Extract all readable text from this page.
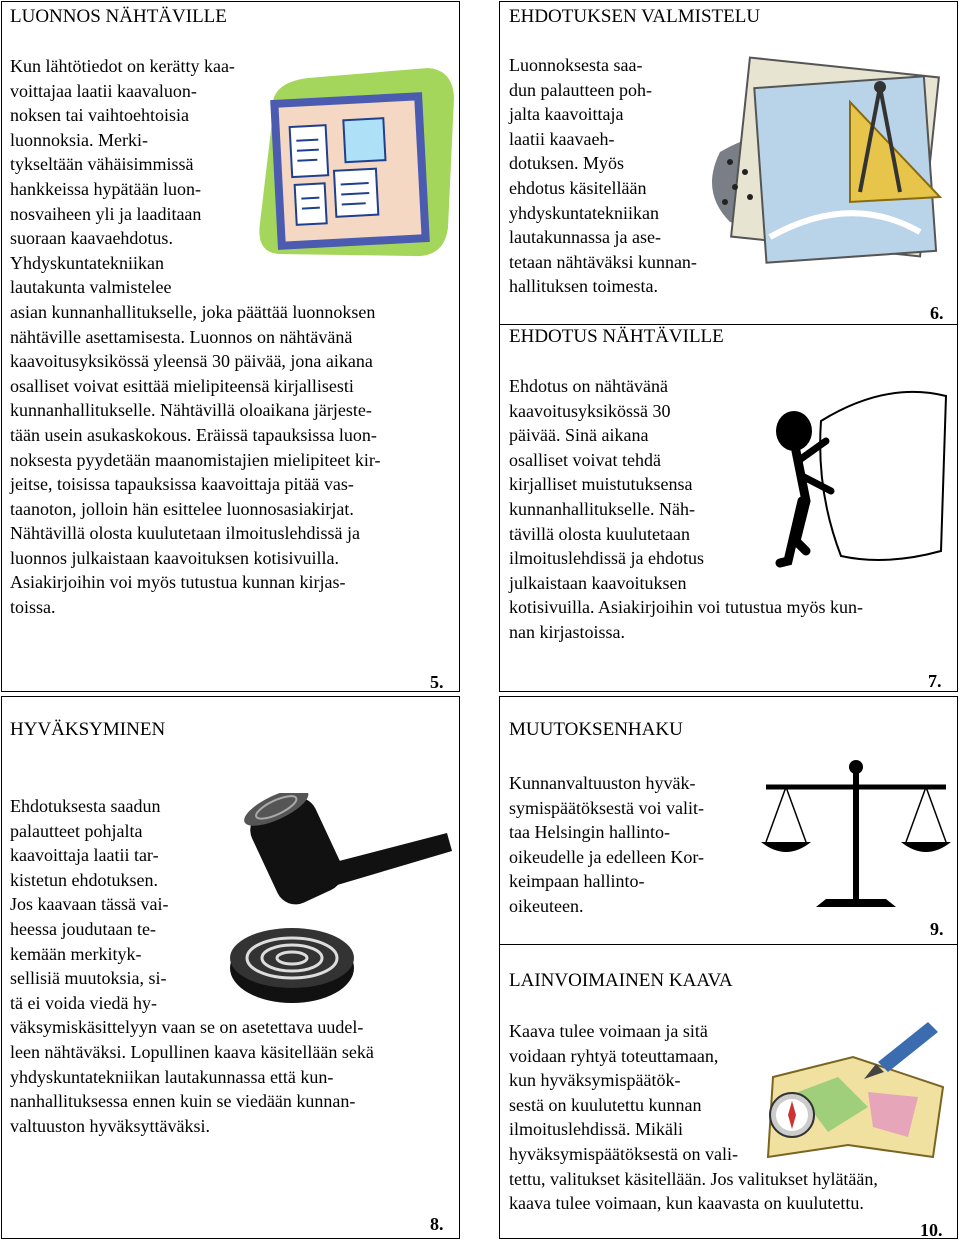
LUONNOS NÄHTÄVILLE
Kun lähtötiedot on kerätty kaa-
voittajaa laatii kaavaluon-
noksen tai vaihtoehtoisia
luonnoksia. Merki-
tykseltään vähäisimmissä
hankkeissa hypätään luon-
nosvaiheen yli ja laaditaan
suoraan kaavaehdotus.
Yhdyskuntatekniikan
lautakunta valmistelee
asian kunnanhallitukselle, joka päättää luonnoksen
nähtäville asettamisesta. Luonnos on nähtävänä
kaavoitusyksikössä yleensä 30 päivää, jona aikana
osalliset voivat esittää mielipiteensä kirjallisesti
kunnanhallitukselle. Nähtävillä oloaikana järjeste-
tään usein asukaskokous. Eräissä tapauksissa luon-
noksesta pyydetään maanomistajien mielipiteet kir-
jeitse, toisissa tapauksissa kaavoittaja pitää vas-
taanoton, jolloin hän esittelee luonnosasiakirjat.
Nähtävillä olosta kuulutetaan ilmoituslehdissä ja
luonnos julkaistaan kaavoituksen kotisivuilla.
Asiakirjoihin voi myös tutustua kunnan kirjas-
toissa.
5.
EHDOTUKSEN VALMISTELU
Luonnoksesta saa-
dun palautteen poh-
jalta kaavoittaja
laatii kaavaeh-
dotuksen. Myös
ehdotus käsitellään
yhdyskuntatekniikan
lautakunnassa ja ase-
tetaan nähtäväksi kunnan-
hallituksen toimesta.
6.
EHDOTUS NÄHTÄVILLE
Ehdotus on nähtävänä
kaavoitusyksikössä 30
päivää. Sinä aikana
osalliset voivat tehdä
kirjalliset muistutuksensa
kunnanhallitukselle. Näh-
tävillä olosta kuulutetaan
ilmoituslehdissä ja ehdotus
julkaistaan kaavoituksen
kotisivuilla. Asiakirjoihin voi tutustua myös kun-
nan kirjastoissa.
7.
HYVÄKSYMINEN
Ehdotuksesta saadun
palautteet pohjalta
kaavoittaja laatii tar-
kistetun ehdotuksen.
Jos kaavaan tässä vai-
heessa joudutaan te-
kemään merkityk-
sellisiä muutoksia, si-
tä ei voida viedä hy-
väksymiskäsittelyyn vaan se on asetettava uudel-
leen nähtäväksi. Lopullinen kaava käsitellään sekä
yhdyskuntatekniikan lautakunnassa että kun-
nanhallituksessa ennen kuin se viedään kunnan-
valtuuston hyväksyttäväksi.
8.
MUUTOKSENHAKU
Kunnanvaltuuston hyväk-
symispäätöksestä voi valit-
taa Helsingin hallinto-
oikeudelle ja edelleen Kor-
keimpaan hallinto-
oikeuteen.
9.
LAINVOIMAINEN KAAVA
Kaava tulee voimaan ja sitä
voidaan ryhtyä toteuttamaan,
kun hyväksymispäätök-
sestä on kuulutettu kunnan
ilmoituslehdissä. Mikäli
hyväksymispäätöksestä on vali-
tettu, valitukset käsitellään. Jos valitukset hylätään,
kaava tulee voimaan, kun kaavasta on kuulutettu.
10.
